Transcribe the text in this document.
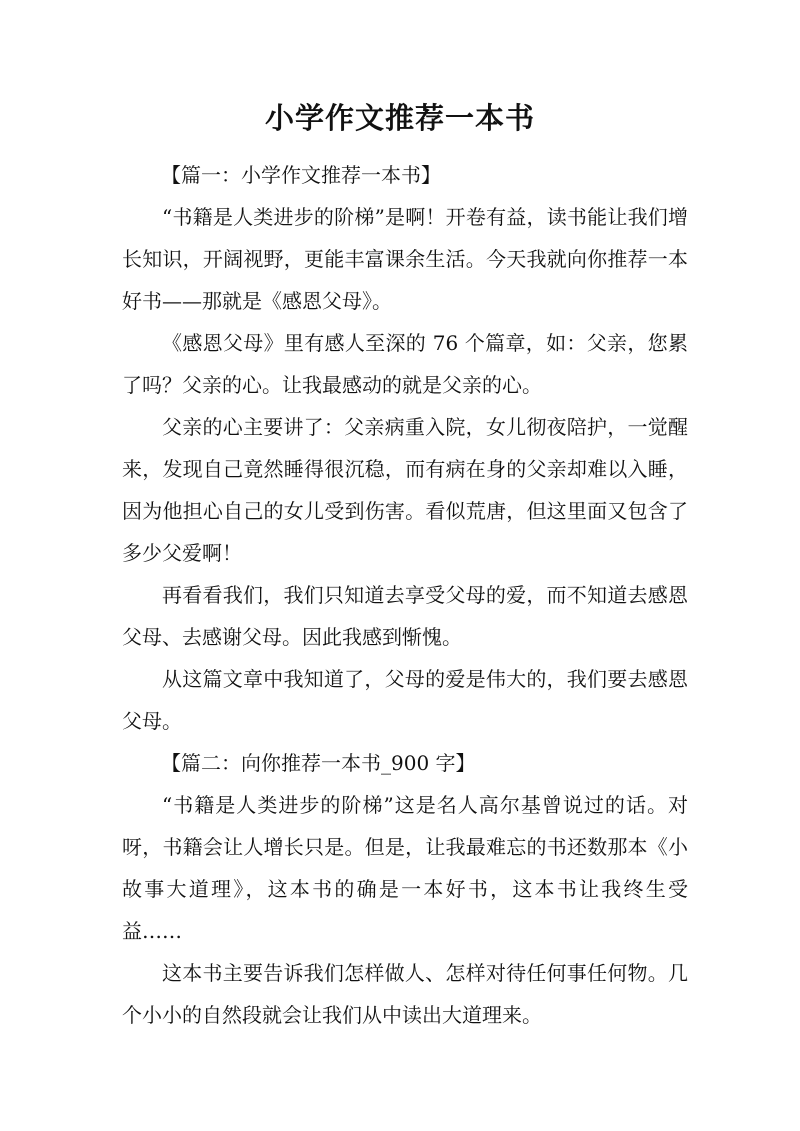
小学作文推荐一本书

【篇一：小学作文推荐一本书】

“书籍是人类进步的阶梯”是啊！开卷有益，读书能让我们增长知识，开阔视野，更能丰富课余生活。今天我就向你推荐一本好书——那就是《感恩父母》。

《感恩父母》里有感人至深的 76 个篇章，如：父亲，您累了吗？父亲的心。让我最感动的就是父亲的心。

父亲的心主要讲了：父亲病重入院，女儿彻夜陪护，一觉醒来，发现自己竟然睡得很沉稳，而有病在身的父亲却难以入睡，因为他担心自己的女儿受到伤害。看似荒唐，但这里面又包含了多少父爱啊！

再看看我们，我们只知道去享受父母的爱，而不知道去感恩父母、去感谢父母。因此我感到惭愧。

从这篇文章中我知道了，父母的爱是伟大的，我们要去感恩父母。

【篇二：向你推荐一本书_900 字】

“书籍是人类进步的阶梯”这是名人高尔基曾说过的话。对呀，书籍会让人增长只是。但是，让我最难忘的书还数那本《小故事大道理》，这本书的确是一本好书，这本书让我终生受益……

这本书主要告诉我们怎样做人、怎样对待任何事任何物。几个小小的自然段就会让我们从中读出大道理来。
